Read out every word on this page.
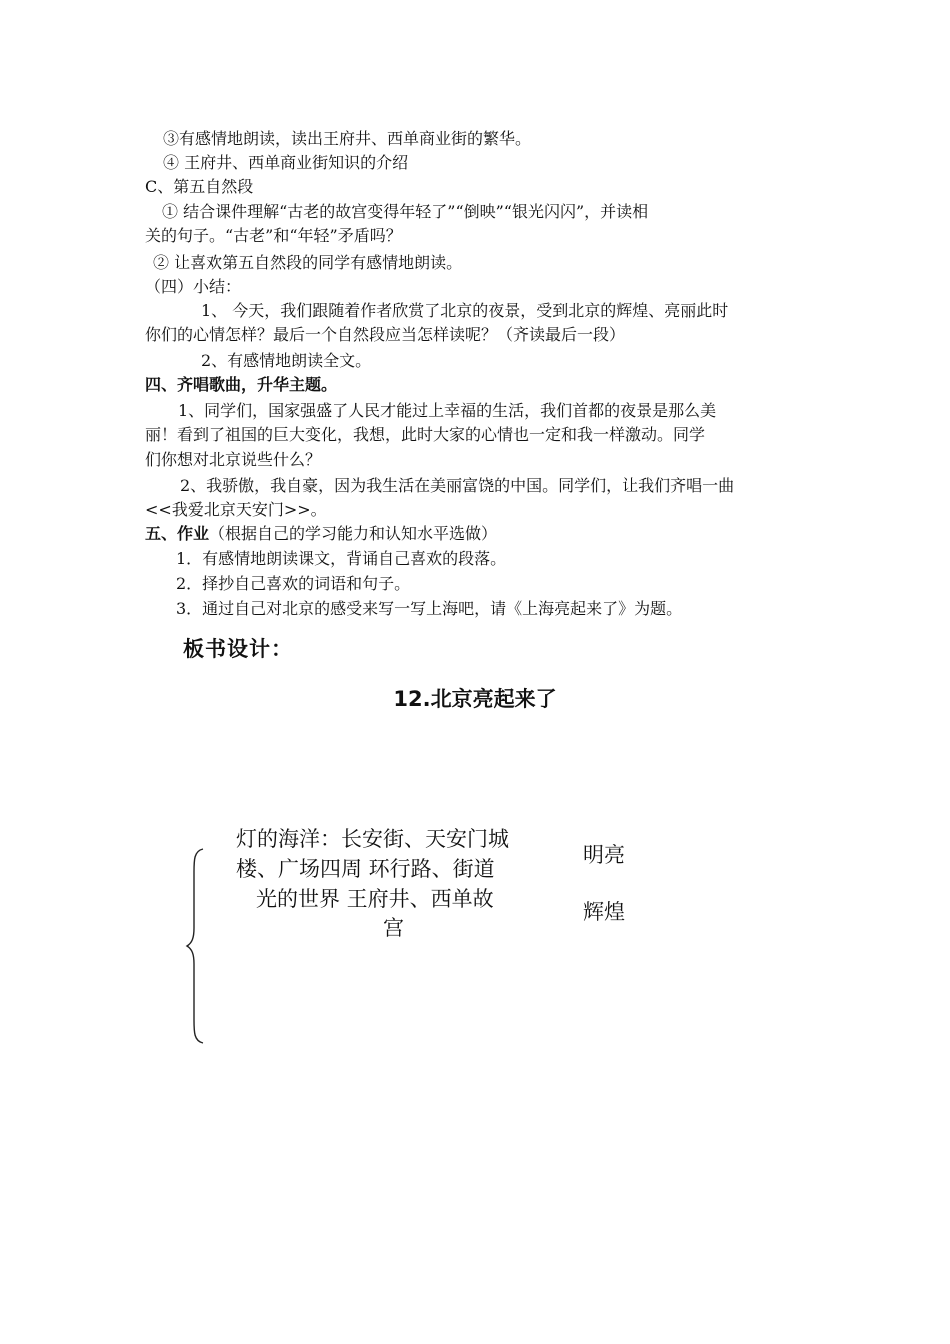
③有感情地朗读，读出王府井、西单商业街的繁华。
④ 王府井、西单商业街知识的介绍
C、第五自然段
① 结合课件理解“古老的故宫变得年轻了”“倒映”“银光闪闪”，并读相
关的句子。“古老”和“年轻”矛盾吗？
② 让喜欢第五自然段的同学有感情地朗读。
（四）小结：
1、 今天，我们跟随着作者欣赏了北京的夜景，受到北京的辉煌、亮丽此时
你们的心情怎样？最后一个自然段应当怎样读呢？（齐读最后一段）
2、有感情地朗读全文。
四、齐唱歌曲，升华主题。
1、同学们，国家强盛了人民才能过上幸福的生活，我们首都的夜景是那么美
丽！看到了祖国的巨大变化，我想，此时大家的心情也一定和我一样激动。同学
们你想对北京说些什么？
2、我骄傲，我自豪，因为我生活在美丽富饶的中国。同学们，让我们齐唱一曲
<<我爱北京天安门>>。
五、作业（根据自己的学习能力和认知水平选做）
1．有感情地朗读课文，背诵自己喜欢的段落。
2．择抄自己喜欢的词语和句子。
3．通过自己对北京的感受来写一写上海吧，请《上海亮起来了》为题。
板书设计：
12.北京亮起来了
灯的海洋：长安街、天安门城
楼、广场四周 环行路、街道
光的世界 王府井、西单故
宫
明亮
辉煌
